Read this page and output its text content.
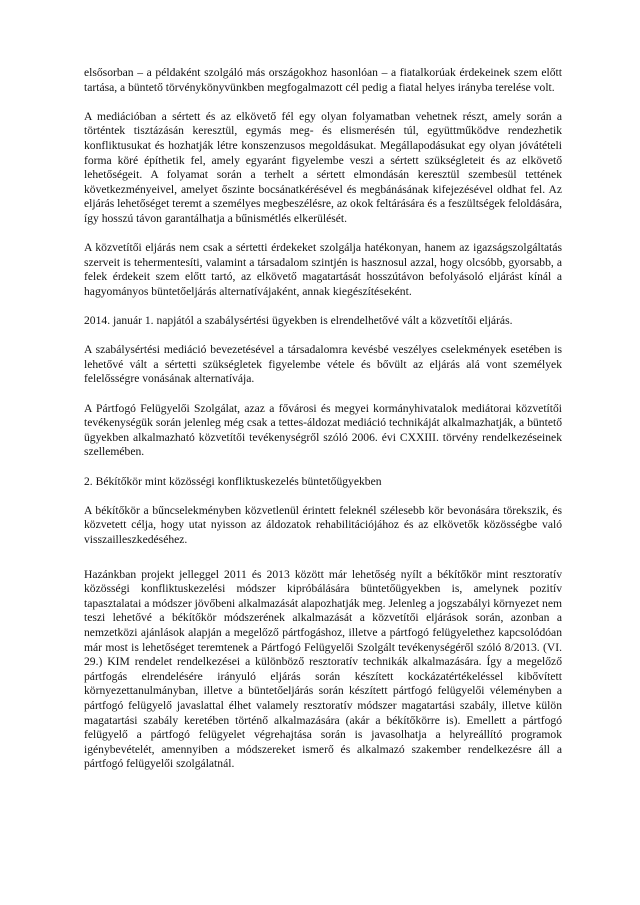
elsősorban – a példaként szolgáló más országokhoz hasonlóan – a fiatalkorúak érdekeinek szem előtt tartása, a büntető törvénykönyvünkben megfogalmazott cél pedig a fiatal helyes irányba terelése volt.

A mediációban a sértett és az elkövető fél egy olyan folyamatban vehetnek részt, amely során a történtek tisztázásán keresztül, egymás meg- és elismerésén túl, együttműködve rendezhetik konfliktusukat és hozhatják létre konszenzusos megoldásukat. Megállapodásukat egy olyan jóvátételi forma köré építhetik fel, amely egyaránt figyelembe veszi a sértett szükségleteit és az elkövető lehetőségeit. A folyamat során a terhelt a sértett elmondásán keresztül szembesül tettének következményeivel, amelyet őszinte bocsánatkérésével és megbánásának kifejezésével oldhat fel. Az eljárás lehetőséget teremt a személyes megbeszélésre, az okok feltárására és a feszültségek feloldására, így hosszú távon garantálhatja a bűnismétlés elkerülését.

A közvetítői eljárás nem csak a sértetti érdekeket szolgálja hatékonyan, hanem az igazságszolgáltatás szerveit is tehermentesíti, valamint a társadalom szintjén is hasznosul azzal, hogy olcsóbb, gyorsabb, a felek érdekeit szem előtt tartó, az elkövető magatartását hosszútávon befolyásoló eljárást kínál a hagyományos büntetőeljárás alternatívájaként, annak kiegészítéseként.

2014. január 1. napjától a szabálysértési ügyekben is elrendelhetővé vált a közvetítői eljárás.

A szabálysértési mediáció bevezetésével a társadalomra kevésbé veszélyes cselekmények esetében is lehetővé vált a sértetti szükségletek figyelembe vétele és bővült az eljárás alá vont személyek felelősségre vonásának alternatívája.

A Pártfogó Felügyelői Szolgálat, azaz a fővárosi és megyei kormányhivatalok mediátorai közvetítői tevékenységük során jelenleg még csak a tettes-áldozat mediáció technikáját alkalmazhatják, a büntető ügyekben alkalmazható közvetítői tevékenységről szóló 2006. évi CXXIII. törvény rendelkezéseinek szellemében.

2. Békítőkör mint közösségi konfliktuskezelés büntetőügyekben

A békítőkör a bűncselekményben közvetlenül érintett feleknél szélesebb kör bevonására törekszik, és közvetett célja, hogy utat nyisson az áldozatok rehabilitációjához és az elkövetők közösségbe való visszailleszkedéséhez.

Hazánkban projekt jelleggel 2011 és 2013 között már lehetőség nyílt a békítőkör mint resztoratív közösségi konfliktuskezelési módszer kipróbálására büntetőügyekben is, amelynek pozitív tapasztalatai a módszer jövőbeni alkalmazását alapozhatják meg. Jelenleg a jogszabályi környezet nem teszi lehetővé a békítőkör módszerének alkalmazását a közvetítői eljárások során, azonban a nemzetközi ajánlások alapján a megelőző pártfogáshoz, illetve a pártfogó felügyelethez kapcsolódóan már most is lehetőséget teremtenek a Pártfogó Felügyelői Szolgált tevékenységéről szóló 8/2013. (VI. 29.) KIM rendelet rendelkezései a különböző resztoratív technikák alkalmazására. Így a megelőző pártfogás elrendelésére irányuló eljárás során készített kockázatértékeléssel kibővített környezettanulmányban, illetve a büntetőeljárás során készített pártfogó felügyelői véleményben a pártfogó felügyelő javaslattal élhet valamely resztoratív módszer magatartási szabály, illetve külön magatartási szabály keretében történő alkalmazására (akár a békítőkörre is). Emellett a pártfogó felügyelő a pártfogó felügyelet végrehajtása során is javasolhatja a helyreállító programok igénybevételét, amennyiben a módszereket ismerő és alkalmazó szakember rendelkezésre áll a pártfogó felügyelői szolgálatnál.
